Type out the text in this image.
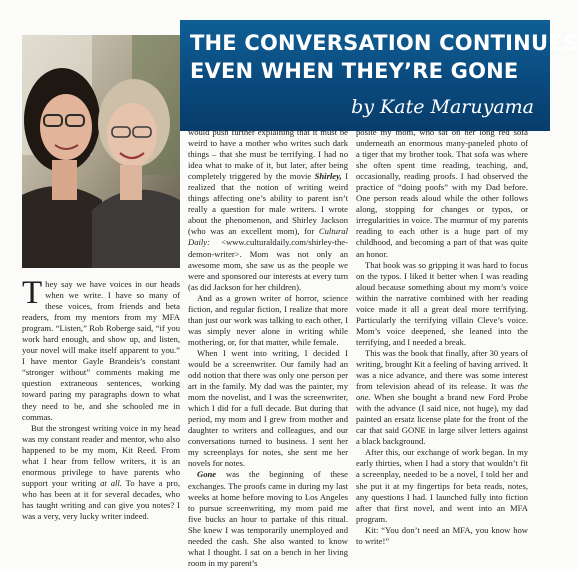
THE CONVERSATION CONTINUES
EVEN WHEN THEY’RE GONE
by Kate Maruyama

They say we have voices in our heads when we write. I have so many of these voices, from friends and beta readers, from my mentors from my MFA program. “Listen,” Rob Roberge said, “if you work hard enough, and show up, and listen, your novel will make itself apparent to you.” I have mentor Gayle Brandeis’s constant “stronger without” comments making me question extraneous sentences, working toward paring my paragraphs down to what they need to be, and she schooled me in commas.

But the strongest writing voice in my head was my constant reader and mentor, who also happened to be my mom, Kit Reed. From what I hear from fellow writers, it is an enormous privilege to have parents who support your writing at all. To have a pro, who has been at it for several decades, who has taught writing and can give you notes? I was a very, very lucky writer indeed.

would push further explaining that it must be weird to have a mother who writes such dark things – that she must be terrifying. I had no idea what to make of it, but later, after being completely triggered by the movie Shirley, I realized that the notion of writing weird things affecting one’s ability to parent isn’t really a question for male writers. I wrote about the phenomenon, and Shirley Jackson (who was an excellent mom), for Cultural Daily: <www.culturaldaily.com/shirley-the-demon-writer>. Mom was not only an awesome mom, she saw us as the people we were and sponsored our interests at every turn (as did Jackson for her children).

And as a grown writer of horror, science fiction, and regular fiction, I realize that more than just our work was talking to each other, I was simply never alone in writing while mothering, or, for that matter, while female.

When I went into writing, I decided I would be a screenwriter. Our family had an odd notion that there was only one person per art in the family. My dad was the painter, my mom the novelist, and I was the screenwriter, which I did for a full decade. But during that period, my mom and I grew from mother and daughter to writers and colleagues, and our conversations turned to business. I sent her my screenplays for notes, she sent me her novels for notes.

Gone was the beginning of these exchanges. The proofs came in during my last weeks at home before moving to Los Angeles to pursue screenwriting, my mom paid me five bucks an hour to partake of this ritual. She knew I was temporarily unemployed and needed the cash. She also wanted to know what I thought. I sat on a bench in her living room in my parent’s

posite my mom, who sat on her long red sofa underneath an enormous many-paneled photo of a tiger that my brother took. That sofa was where she often spent time reading, teaching, and, occasionally, reading proofs. I had observed the practice of “doing poofs” with my Dad before. One person reads aloud while the other follows along, stopping for changes or typos, or irregularities in voice. The murmur of my parents reading to each other is a huge part of my childhood, and becoming a part of that was quite an honor.

That book was so gripping it was hard to focus on the typos. I liked it better when I was reading aloud because something about my mom’s voice within the narrative combined with her reading voice made it all a great deal more terrifying. Particularly the terrifying villain Cleve’s voice. Mom’s voice deepened, she leaned into the terrifying, and I needed a break.

This was the book that finally, after 30 years of writing, brought Kit a feeling of having arrived. It was a nice advance, and there was some interest from television ahead of its release. It was the one. When she bought a brand new Ford Probe with the advance (I said nice, not huge), my dad painted an ersatz license plate for the front of the car that said GONE in large silver letters against a black background.

After this, our exchange of work began. In my early thirties, when I had a story that wouldn’t fit a screenplay, needed to be a novel, I told her and she put it at my fingertips for beta reads, notes, any questions I had. I launched fully into fiction after that first novel, and went into an MFA program.

Kit: “You don’t need an MFA, you know how to write!”
